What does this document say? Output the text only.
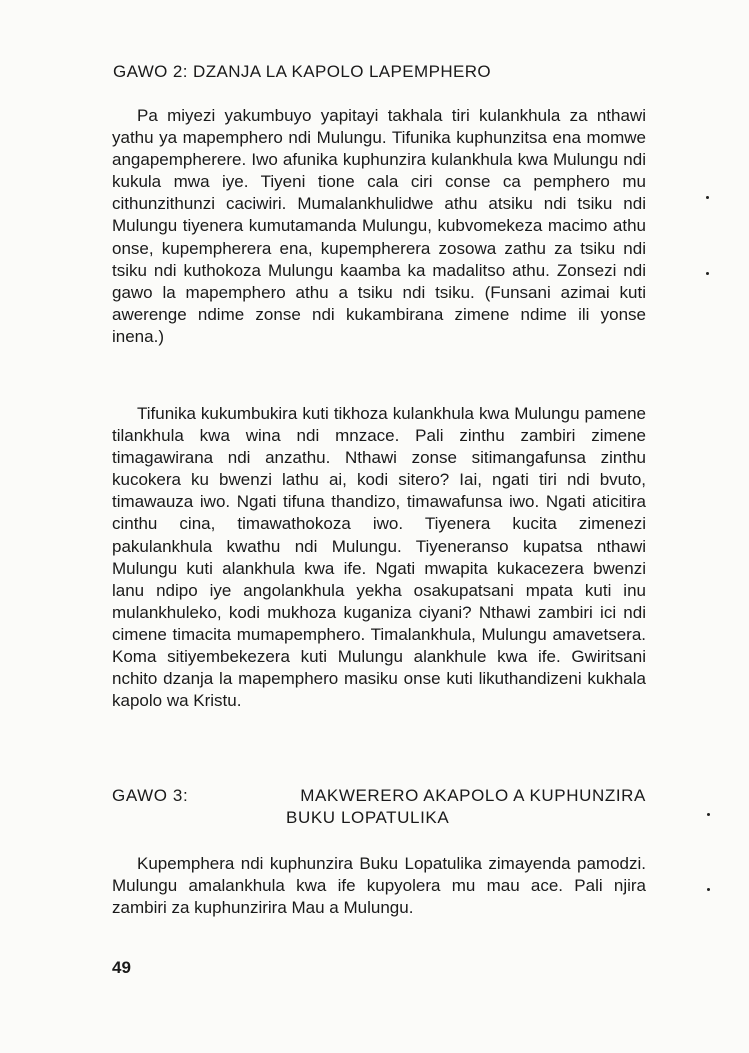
GAWO 2: DZANJA LA KAPOLO LAPEMPHERO

Pa miyezi yakumbuyo yapitayi takhala tiri kulankhula za nthawi yathu ya mapemphero ndi Mulungu. Tifunika kuphunzitsa ena momwe angapempherere. Iwo afunika kuphunzira kulankhula kwa Mulungu ndi kukula mwa iye. Tiyeni tione cala ciri conse ca pemphero mu cithunzithunzi caciwiri. Mumalankhulidwe athu atsiku ndi tsiku ndi Mulungu tiyenera kumutamanda Mulungu, kubvomekeza macimo athu onse, kupempherera ena, kupempherera zosowa zathu za tsiku ndi tsiku ndi kuthokoza Mulungu kaamba ka madalitso athu. Zonsezi ndi gawo la mapemphero athu a tsiku ndi tsiku. (Funsani azimai kuti awerenge ndime zonse ndi kukambirana zimene ndime ili yonse inena.)

Tifunika kukumbukira kuti tikhoza kulankhula kwa Mulungu pamene tilankhula kwa wina ndi mnzace. Pali zinthu zambiri zimene timagawirana ndi anzathu. Nthawi zonse sitimangafunsa zinthu kucokera ku bwenzi lathu ai, kodi sitero? Iai, ngati tiri ndi bvuto, timawauza iwo. Ngati tifuna thandizo, timawafunsa iwo. Ngati aticitira cinthu cina, timawathokoza iwo. Tiyenera kucita zimenezi pakulankhula kwathu ndi Mulungu. Tiyeneranso kupatsa nthawi Mulungu kuti alankhula kwa ife. Ngati mwapita kukacezera bwenzi lanu ndipo iye angolankhula yekha osakupatsani mpata kuti inu mulankhuleko, kodi mukhoza kuganiza ciyani? Nthawi zambiri ici ndi cimene timacita mumapemphero. Timalankhula, Mulungu amavetsera. Koma sitiyembekezera kuti Mulungu alankhule kwa ife. Gwiritsani nchito dzanja la mapemphero masiku onse kuti likuthandizeni kukhala kapolo wa Kristu.

GAWO 3:	MAKWERERO AKAPOLO A KUPHUNZIRA
BUKU LOPATULIKA

Kupemphera ndi kuphunzira Buku Lopatulika zimayenda pamodzi. Mulungu amalankhula kwa ife kupyolera mu mau ace. Pali njira zambiri za kuphunzirira Mau a Mulungu.

49
